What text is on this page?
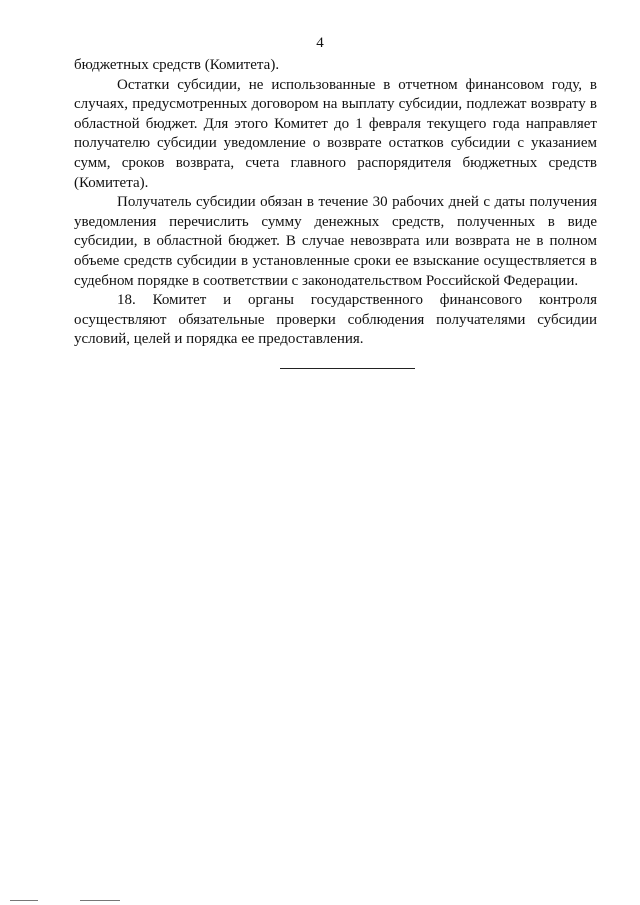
4

бюджетных средств (Комитета).

Остатки субсидии, не использованные в отчетном финансовом году, в случаях, предусмотренных договором на выплату субсидии, подлежат возврату в областной бюджет. Для этого Комитет до 1 февраля текущего года направляет получателю субсидии уведомление о возврате остатков субсидии с указанием сумм, сроков возврата, счета главного распорядителя бюджетных средств (Комитета).

Получатель субсидии обязан в течение 30 рабочих дней с даты получения уведомления перечислить сумму денежных средств, полученных в виде субсидии, в областной бюджет. В случае невозврата или возврата не в полном объеме средств субсидии в установленные сроки ее взыскание осуществляется в судебном порядке в соответствии с законодательством Российской Федерации.

18. Комитет и органы государственного финансового контроля осуществляют обязательные проверки соблюдения получателями субсидии условий, целей и порядка ее предоставления.
